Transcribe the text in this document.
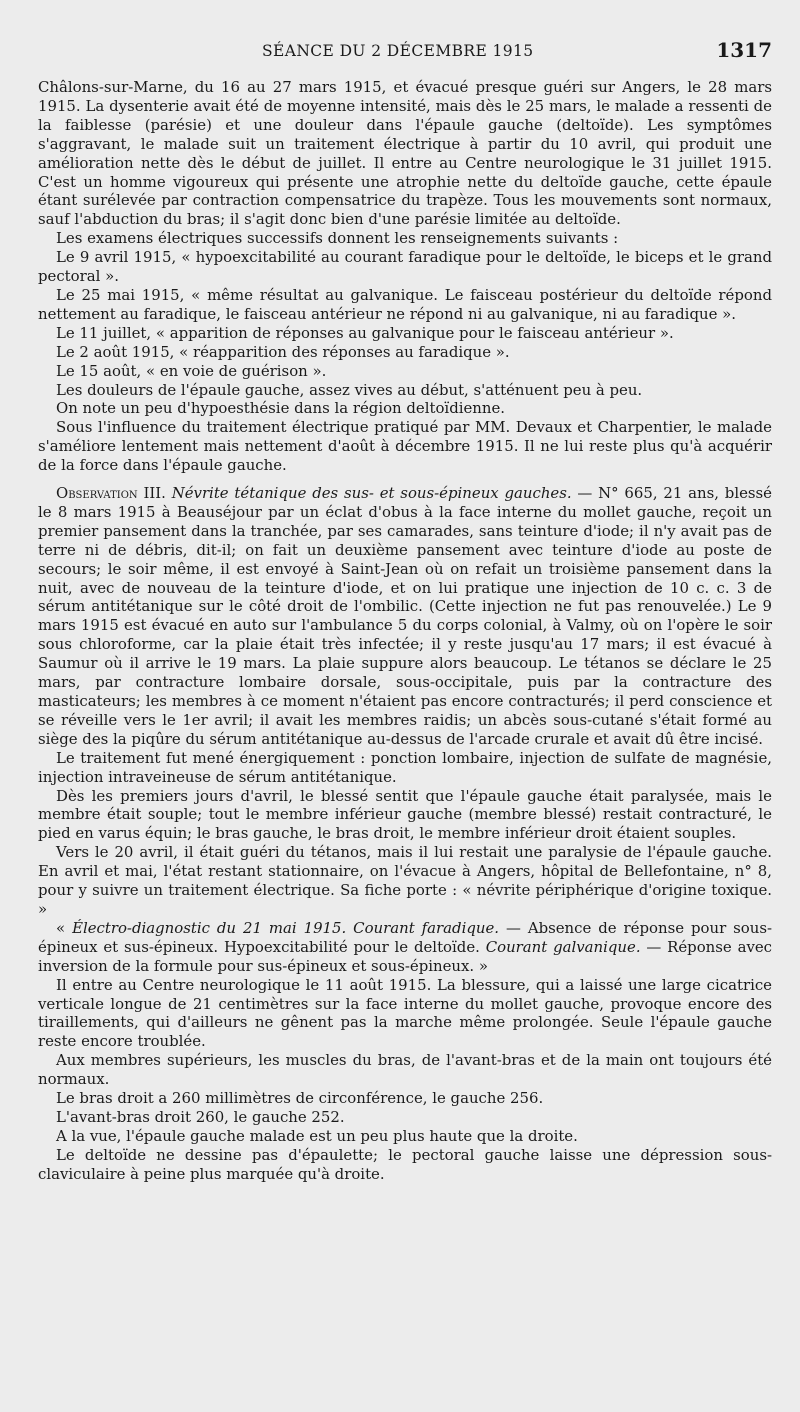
SÉANCE DU 2 DÉCEMBRE 1915	1317

Châlons-sur-Marne, du 16 au 27 mars 1915, et évacué presque guéri sur Angers, le 28 mars 1915. La dysenterie avait été de moyenne intensité, mais dès le 25 mars, le malade a ressenti de la faiblesse (parésie) et une douleur dans l'épaule gauche (deltoïde). Les symptômes s'aggravant, le malade suit un traitement électrique à partir du 10 avril, qui produit une amélioration nette dès le début de juillet. Il entre au Centre neurologique le 31 juillet 1915. C'est un homme vigoureux qui présente une atrophie nette du deltoïde gauche, cette épaule étant surélevée par contraction compensatrice du trapèze. Tous les mouvements sont normaux, sauf l'abduction du bras; il s'agit donc bien d'une parésie limitée au deltoïde.

Les examens électriques successifs donnent les renseignements suivants :

Le 9 avril 1915, « hypoexcitabilité au courant faradique pour le deltoïde, le biceps et le grand pectoral ».

Le 25 mai 1915, « même résultat au galvanique. Le faisceau postérieur du deltoïde répond nettement au faradique, le faisceau antérieur ne répond ni au galvanique, ni au faradique ».

Le 11 juillet, « apparition de réponses au galvanique pour le faisceau antérieur ».

Le 2 août 1915, « réapparition des réponses au faradique ».

Le 15 août, « en voie de guérison ».

Les douleurs de l'épaule gauche, assez vives au début, s'atténuent peu à peu.

On note un peu d'hypoesthésie dans la région deltoïdienne.

Sous l'influence du traitement électrique pratiqué par MM. Devaux et Charpentier, le malade s'améliore lentement mais nettement d'août à décembre 1915. Il ne lui reste plus qu'à acquérir de la force dans l'épaule gauche.

Observation III. Névrite tétanique des sus- et sous-épineux gauches. — N° 665, 21 ans, blessé le 8 mars 1915 à Beauséjour par un éclat d'obus à la face interne du mollet gauche, reçoit un premier pansement dans la tranchée, par ses camarades, sans teinture d'iode; il n'y avait pas de terre ni de débris, dit-il; on fait un deuxième pansement avec teinture d'iode au poste de secours; le soir même, il est envoyé à Saint-Jean où on refait un troisième pansement dans la nuit, avec de nouveau de la teinture d'iode, et on lui pratique une injection de 10 c. c. 3 de sérum antitétanique sur le côté droit de l'ombilic. (Cette injection ne fut pas renouvelée.) Le 9 mars 1915 est évacué en auto sur l'ambulance 5 du corps colonial, à Valmy, où on l'opère le soir sous chloroforme, car la plaie était très infectée; il y reste jusqu'au 17 mars; il est évacué à Saumur où il arrive le 19 mars. La plaie suppure alors beaucoup. Le tétanos se déclare le 25 mars, par contracture lombaire dorsale, sous-occipitale, puis par la contracture des masticateurs; les membres à ce moment n'étaient pas encore contracturés; il perd conscience et se réveille vers le 1er avril; il avait les membres raidis; un abcès sous-cutané s'était formé au siège des la piqûre du sérum antitétanique au-dessus de l'arcade crurale et avait dû être incisé.

Le traitement fut mené énergiquement : ponction lombaire, injection de sulfate de magnésie, injection intraveineuse de sérum antitétanique.

Dès les premiers jours d'avril, le blessé sentit que l'épaule gauche était paralysée, mais le membre était souple; tout le membre inférieur gauche (membre blessé) restait contracturé, le pied en varus équin; le bras gauche, le bras droit, le membre inférieur droit étaient souples.

Vers le 20 avril, il était guéri du tétanos, mais il lui restait une paralysie de l'épaule gauche. En avril et mai, l'état restant stationnaire, on l'évacue à Angers, hôpital de Bellefontaine, n° 8, pour y suivre un traitement électrique. Sa fiche porte : « névrite périphérique d'origine toxique. »

« Électro-diagnostic du 21 mai 1915. Courant faradique. — Absence de réponse pour sous-épineux et sus-épineux. Hypoexcitabilité pour le deltoïde. Courant galvanique. — Réponse avec inversion de la formule pour sus-épineux et sous-épineux. »

Il entre au Centre neurologique le 11 août 1915. La blessure, qui a laissé une large cicatrice verticale longue de 21 centimètres sur la face interne du mollet gauche, provoque encore des tiraillements, qui d'ailleurs ne gênent pas la marche même prolongée. Seule l'épaule gauche reste encore troublée.

Aux membres supérieurs, les muscles du bras, de l'avant-bras et de la main ont toujours été normaux.

Le bras droit a 260 millimètres de circonférence, le gauche 256.

L'avant-bras droit 260, le gauche 252.

A la vue, l'épaule gauche malade est un peu plus haute que la droite.

Le deltoïde ne dessine pas d'épaulette; le pectoral gauche laisse une dépression sous-claviculaire à peine plus marquée qu'à droite.
